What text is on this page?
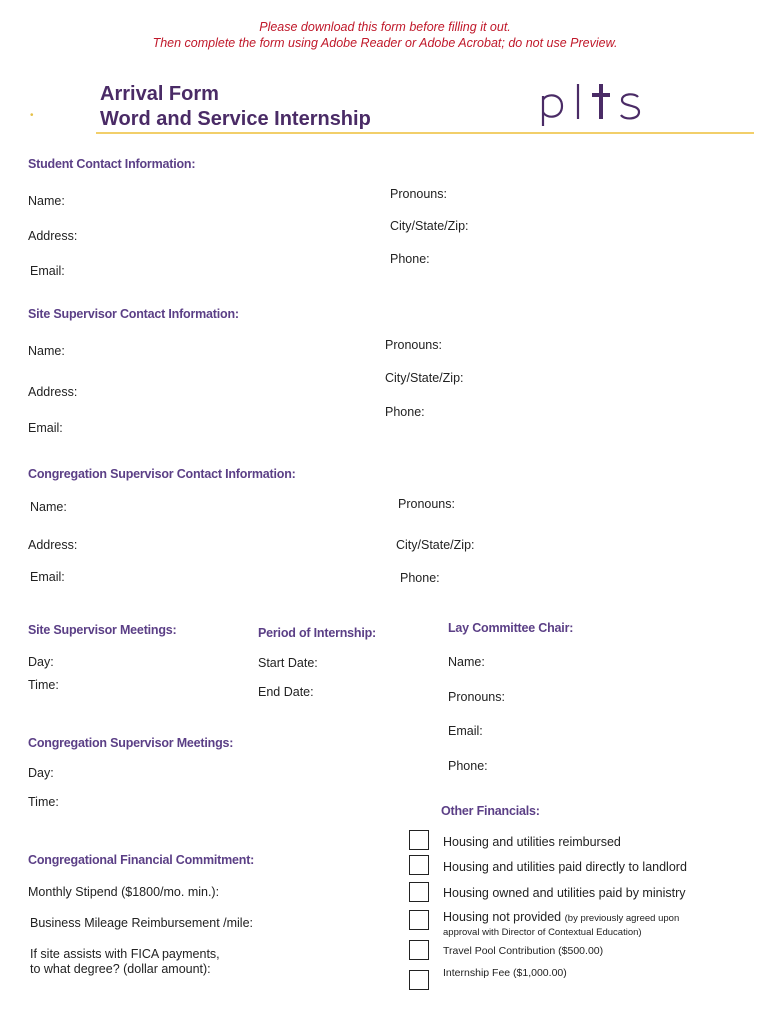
Please download this form before filling it out.
Then complete the form using Adobe Reader or Adobe Acrobat; do not use Preview.
•
Arrival Form
Word and Service Internship
Student Contact Information:
Name:
Address:
Email:
Pronouns:
City/State/Zip:
Phone:
Site Supervisor Contact Information:
Name:
Address:
Email:
Pronouns:
City/State/Zip:
Phone:
Congregation Supervisor Contact Information:
Name:
Address:
Email:
Pronouns:
City/State/Zip:
Phone:
Site Supervisor Meetings:
Day:
Time:
Period of Internship:
Start Date:
End Date:
Lay Committee Chair:
Name:
Pronouns:
Email:
Phone:
Congregation Supervisor Meetings:
Day:
Time:
Congregational Financial Commitment:
Monthly Stipend ($1800/mo. min.):
Business Mileage Reimbursement /mile:
If site assists with FICA payments,
to what degree? (dollar amount):
Other Financials:
Housing and utilities reimbursed
Housing and utilities paid directly to landlord
Housing owned and utilities paid by ministry
Housing not provided (by previously agreed upon
approval with Director of Contextual Education)
Travel Pool Contribution ($500.00)
Internship Fee ($1,000.00)
